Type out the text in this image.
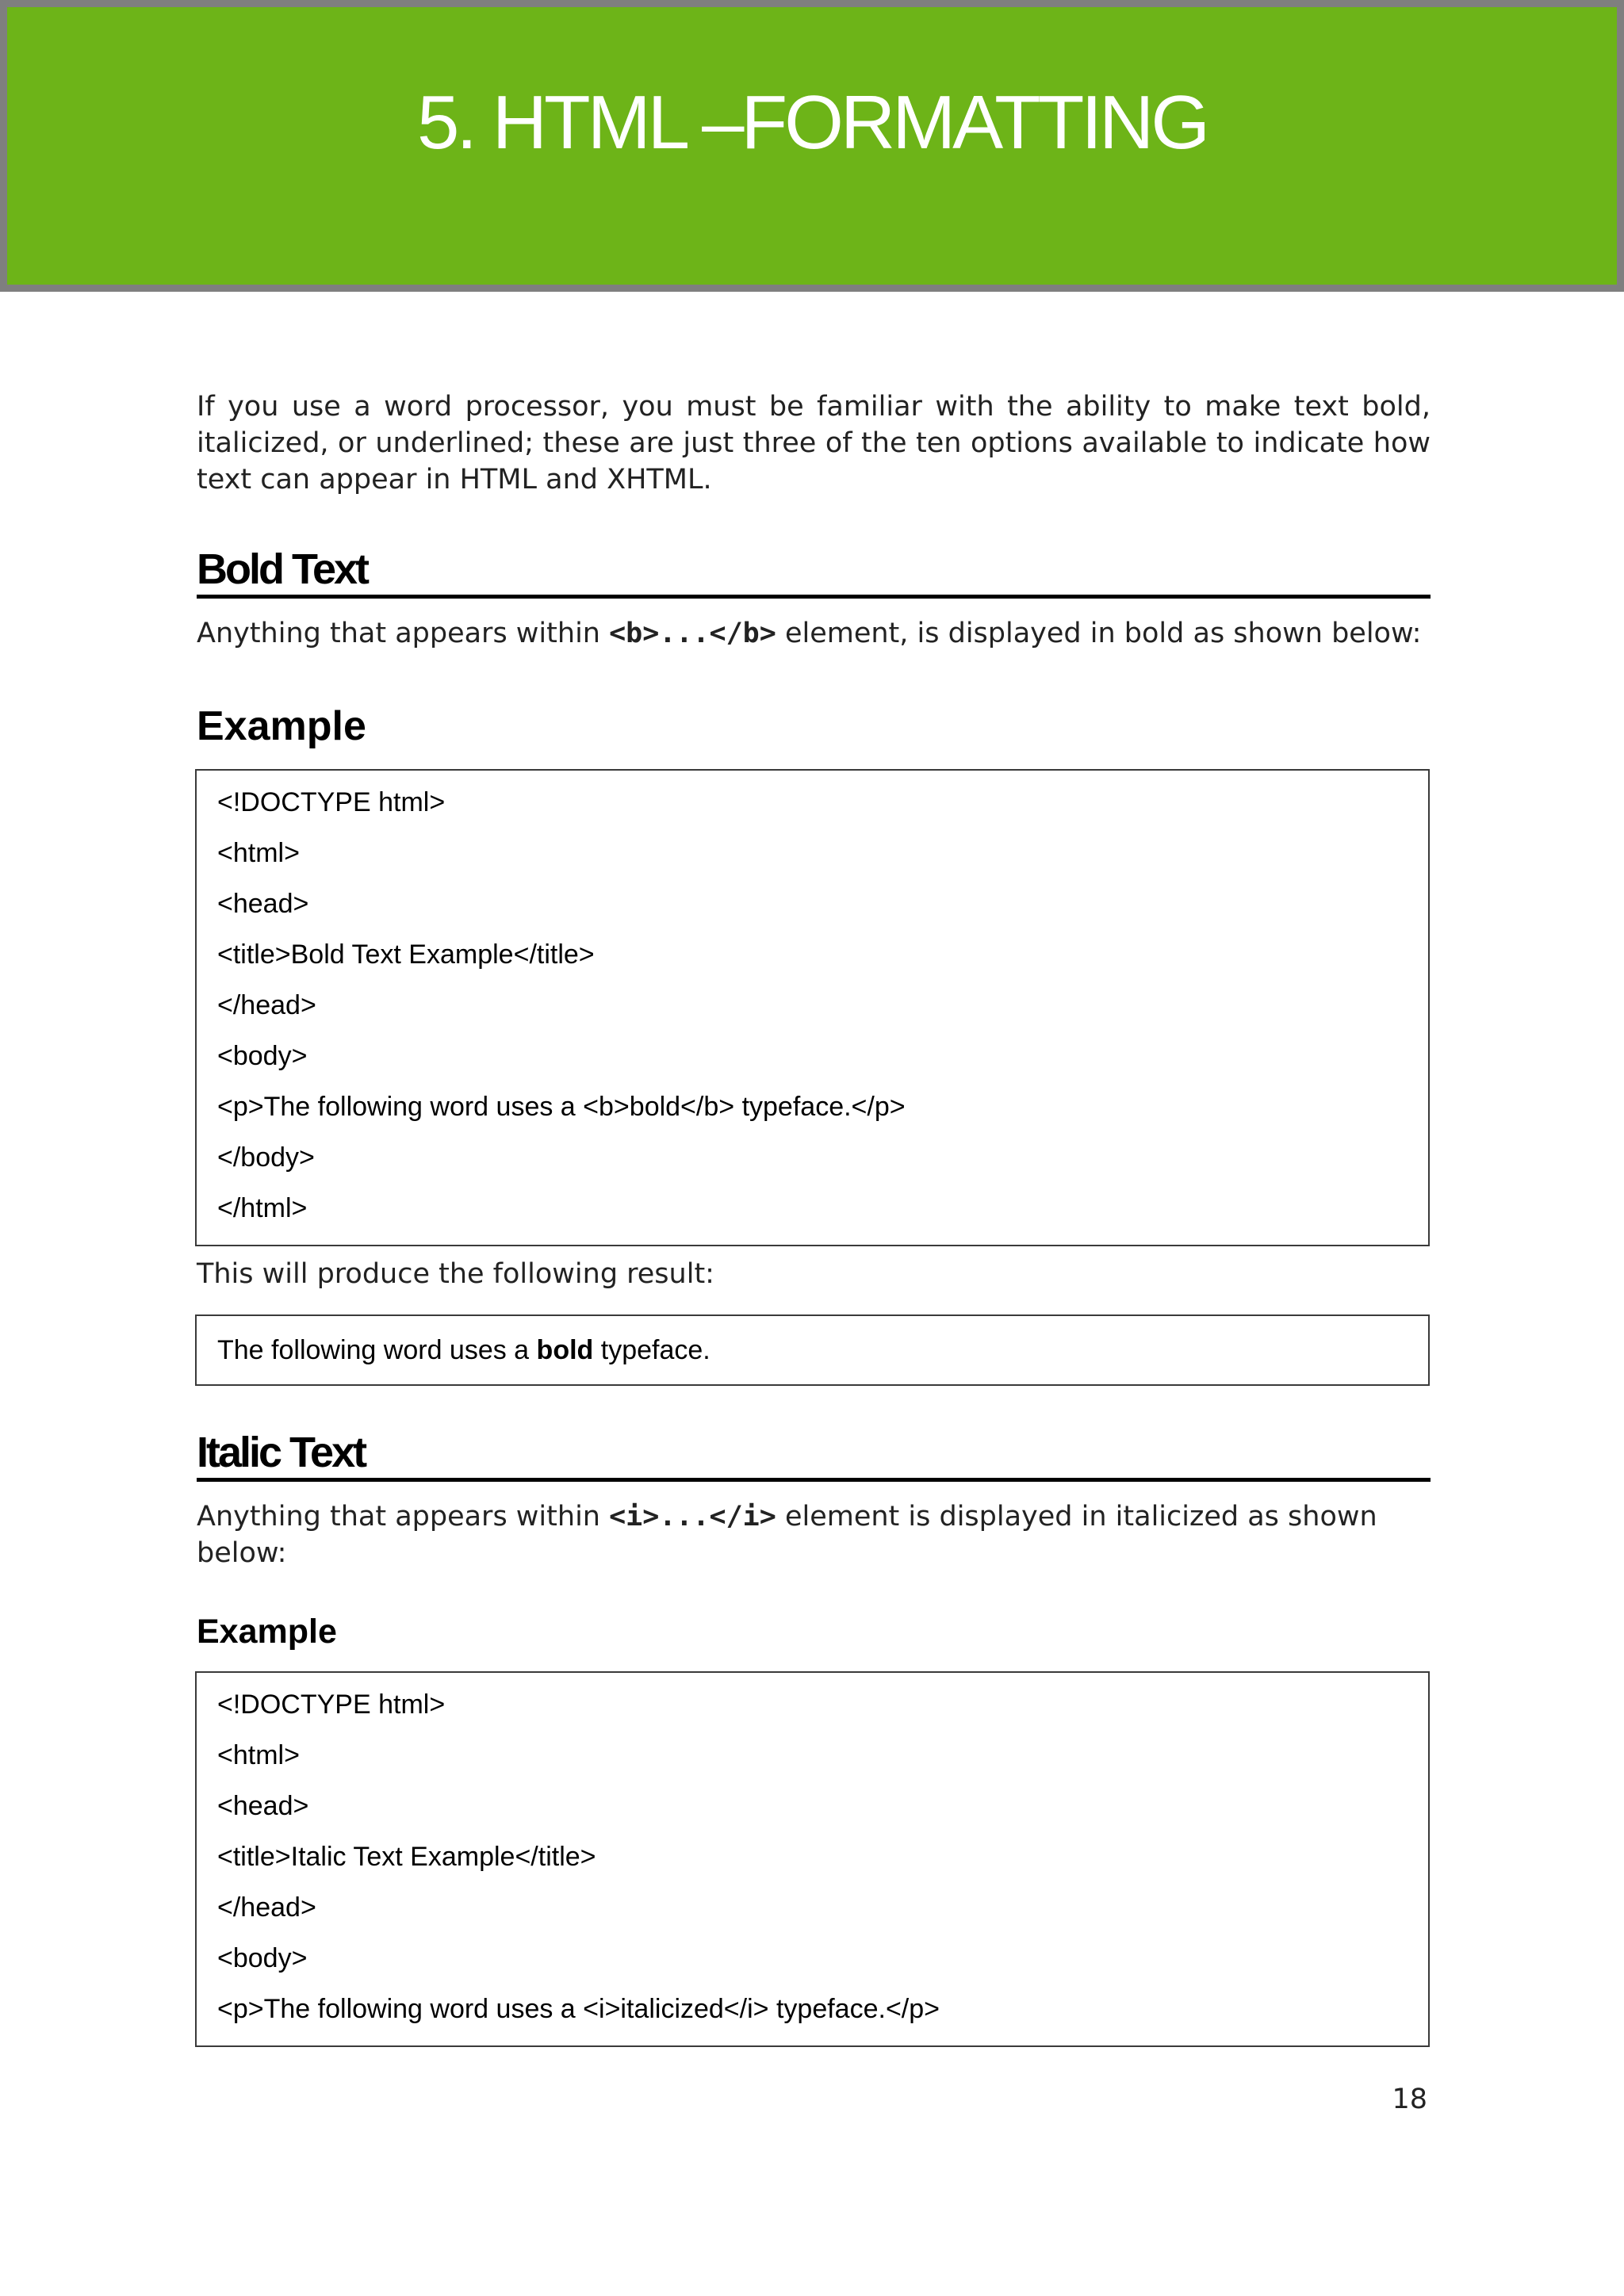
5. HTML –FORMATTING

If you use a word processor, you must be familiar with the ability to make text bold, italicized, or underlined; these are just three of the ten options available to indicate how text can appear in HTML and XHTML.

Bold Text

Anything that appears within <b>...</b> element, is displayed in bold as shown below:

Example
<!DOCTYPE html>
<html>
<head>
<title>Bold Text Example</title>
</head>
<body>
<p>The following word uses a <b>bold</b> typeface.</p>
</body>
</html>

This will produce the following result:

The following word uses a bold typeface.
Italic Text

Anything that appears within <i>...</i> element is displayed in italicized as shown below:

Example
<!DOCTYPE html>
<html>
<head>
<title>Italic Text Example</title>
</head>
<body>
<p>The following word uses a <i>italicized</i> typeface.</p>
18
